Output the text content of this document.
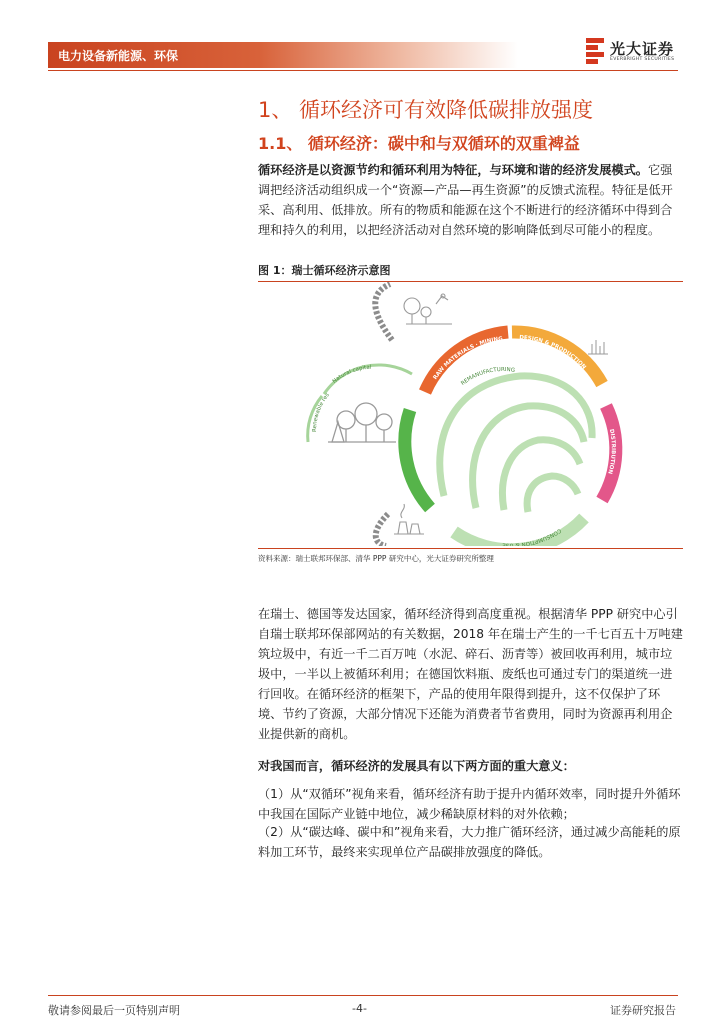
电力设备新能源、环保	光大证券
EVERBRIGHT SECURITIES
1、 循环经济可有效降低碳排放强度
1.1、 循环经济：碳中和与双循环的双重裨益
循环经济是以资源节约和循环利用为特征，与环境和谐的经济发展模式。它强调把经济活动组织成一个“资源—产品—再生资源”的反馈式流程。特征是低开采、高利用、低排放。所有的物质和能源在这个不断进行的经济循环中得到合理和持久的利用，以把经济活动对自然环境的影响降低到尽可能小的程度。
图 1：瑞士循环经济示意图
RAW MATERIALS · MINING	DESIGN & PRODUCTION
DISTRIBUTION
RECYCLING & COLLECTION
CONSUMPTION & USE
REMANUFACTURING
Natural capital
Renewable res
资料来源：瑞士联邦环保部、清华 PPP 研究中心，光大证券研究所整理
在瑞士、德国等发达国家，循环经济得到高度重视。根据清华 PPP 研究中心引自瑞士联邦环保部网站的有关数据，2018 年在瑞士产生的一千七百五十万吨建筑垃圾中，有近一千二百万吨（水泥、碎石、沥青等）被回收再利用，城市垃圾中，一半以上被循环利用；在德国饮料瓶、废纸也可通过专门的渠道统一进行回收。在循环经济的框架下，产品的使用年限得到提升，这不仅保护了环境、节约了资源，大部分情况下还能为消费者节省费用，同时为资源再利用企业提供新的商机。
对我国而言，循环经济的发展具有以下两方面的重大意义：
（1）从“双循环”视角来看，循环经济有助于提升内循环效率，同时提升外循环中我国在国际产业链中地位，减少稀缺原材料的对外依赖；
（2）从“碳达峰、碳中和”视角来看，大力推广循环经济，通过减少高能耗的原料加工环节，最终来实现单位产品碳排放强度的降低。
敬请参阅最后一页特别声明	-4-	证券研究报告
